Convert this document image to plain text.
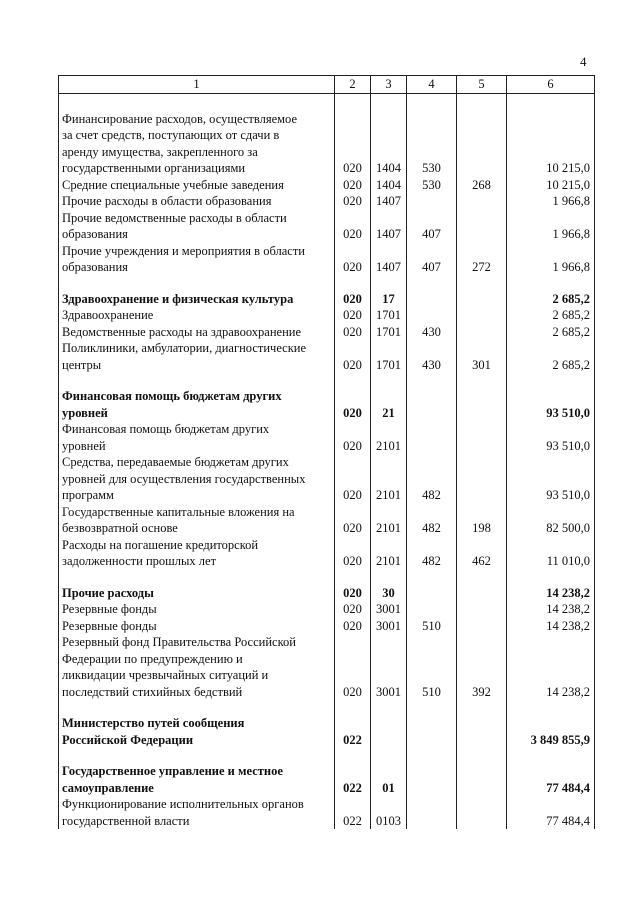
4
1	2	3	4	5	6

Финансирование расходов, осуществляемое
за счет средств, поступающих от сдачи в
аренду имущества, закрепленного за
государственными организациями	020	1404	530		10 215,0

Средние специальные учебные заведения	020	1404	530	268	10 215,0

Прочие расходы в области образования	020	1407			1 966,8

Прочие ведомственные расходы в области
образования	020	1407	407		1 966,8

Прочие учреждения и мероприятия в области
образования	020	1407	407	272	1 966,8

Здравоохранение и физическая культура	020	17			2 685,2

Здравоохранение	020	1701			2 685,2

Ведомственные расходы на здравоохранение	020	1701	430		2 685,2

Поликлиники, амбулатории, диагностические
центры	020	1701	430	301	2 685,2

Финансовая помощь бюджетам других
уровней	020	21			93 510,0

Финансовая помощь бюджетам других
уровней	020	2101			93 510,0

Средства, передаваемые бюджетам других
уровней для осуществления государственных
программ	020	2101	482		93 510,0

Государственные капитальные вложения на
безвозвратной основе	020	2101	482	198	82 500,0

Расходы на погашение кредиторской
задолженности прошлых лет	020	2101	482	462	11 010,0

Прочие расходы	020	30			14 238,2

Резервные фонды	020	3001			14 238,2

Резервные фонды	020	3001	510		14 238,2

Резервный фонд Правительства Российской
Федерации по предупреждению и
ликвидации чрезвычайных ситуаций и
последствий стихийных бедствий	020	3001	510	392	14 238,2

Министерство путей сообщения
Российской Федерации	022				3 849 855,9

Государственное управление и местное
самоуправление	022	01			77 484,4

Функционирование исполнительных органов
государственной власти	022	0103			77 484,4
